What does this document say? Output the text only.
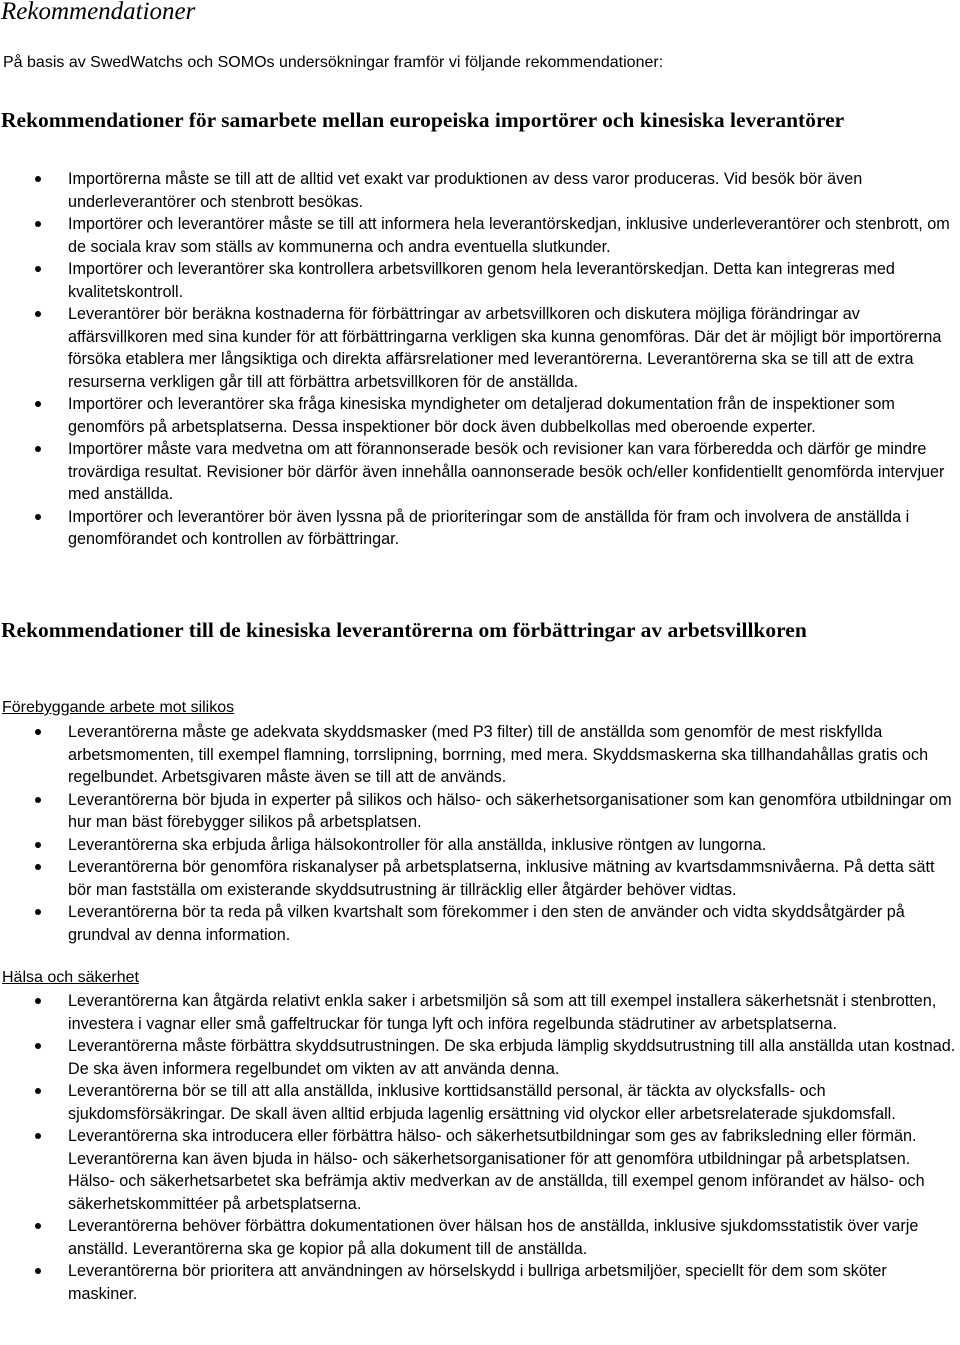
Rekommendationer

På basis av SwedWatchs och SOMOs undersökningar framför vi följande rekommendationer:

Rekommendationer för samarbete mellan europeiska importörer och kinesiska leverantörer
Importörerna måste se till att de alltid vet exakt var produktionen av dess varor produceras. Vid besök bör även underleverantörer och stenbrott besökas.
Importörer och leverantörer måste se till att informera hela leverantörskedjan, inklusive underleverantörer och stenbrott, om de sociala krav som ställs av kommunerna och andra eventuella slutkunder.
Importörer och leverantörer ska kontrollera arbetsvillkoren genom hela leverantörskedjan. Detta kan integreras med kvalitetskontroll.
Leverantörer bör beräkna kostnaderna för förbättringar av arbetsvillkoren och diskutera möjliga förändringar av affärsvillkoren med sina kunder för att förbättringarna verkligen ska kunna genomföras. Där det är möjligt bör importörerna försöka etablera mer långsiktiga och direkta affärsrelationer med leverantörerna. Leverantörerna ska se till att de extra resurserna verkligen går till att förbättra arbetsvillkoren för de anställda.
Importörer och leverantörer ska fråga kinesiska myndigheter om detaljerad dokumentation från de inspektioner som genomförs på arbetsplatserna. Dessa inspektioner bör dock även dubbelkollas med oberoende experter.
Importörer måste vara medvetna om att förannonserade besök och revisioner kan vara förberedda och därför ge mindre trovärdiga resultat. Revisioner bör därför även innehålla oannonserade besök och/eller konfidentiellt genomförda intervjuer med anställda.
Importörer och leverantörer bör även lyssna på de prioriteringar som de anställda för fram och involvera de anställda i genomförandet och kontrollen av förbättringar.
Rekommendationer till de kinesiska leverantörerna om förbättringar av arbetsvillkoren
Förebyggande arbete mot silikos
Leverantörerna måste ge adekvata skyddsmasker (med P3 filter) till de anställda som genomför de mest riskfyllda arbetsmomenten, till exempel flamning, torrslipning, borrning, med mera. Skyddsmaskerna ska tillhandahållas gratis och regelbundet. Arbetsgivaren måste även se till att de används.
Leverantörerna bör bjuda in experter på silikos och hälso- och säkerhetsorganisationer som kan genomföra utbildningar om hur man bäst förebygger silikos på arbetsplatsen.
Leverantörerna ska erbjuda årliga hälsokontroller för alla anställda, inklusive röntgen av lungorna.
Leverantörerna bör genomföra riskanalyser på arbetsplatserna, inklusive mätning av kvartsdammsnivåerna. På detta sätt bör man fastställa om existerande skyddsutrustning är tillräcklig eller åtgärder behöver vidtas.
Leverantörerna bör ta reda på vilken kvartshalt som förekommer i den sten de använder och vidta skyddsåtgärder på grundval av denna information.
Hälsa och säkerhet
Leverantörerna kan åtgärda relativt enkla saker i arbetsmiljön så som att till exempel installera säkerhetsnät i stenbrotten, investera i vagnar eller små gaffeltruckar för tunga lyft och införa regelbunda städrutiner av arbetsplatserna.
Leverantörerna måste förbättra skyddsutrustningen. De ska erbjuda lämplig skyddsutrustning till alla anställda utan kostnad. De ska även informera regelbundet om vikten av att använda denna.
Leverantörerna bör se till att alla anställda, inklusive korttidsanställd personal, är täckta av olycksfalls- och sjukdomsförsäkringar. De skall även alltid erbjuda lagenlig ersättning vid olyckor eller arbetsrelaterade sjukdomsfall.
Leverantörerna ska introducera eller förbättra hälso- och säkerhetsutbildningar som ges av fabriksledning eller förmän. Leverantörerna kan även bjuda in hälso- och säkerhetsorganisationer för att genomföra utbildningar på arbetsplatsen. Hälso- och säkerhetsarbetet ska befrämja aktiv medverkan av de anställda, till exempel genom införandet av hälso- och säkerhetskommittéer på arbetsplatserna.
Leverantörerna behöver förbättra dokumentationen över hälsan hos de anställda, inklusive sjukdomsstatistik över varje anställd. Leverantörerna ska ge kopior på alla dokument till de anställda.
Leverantörerna bör prioritera att användningen av hörselskydd i bullriga arbetsmiljöer, speciellt för dem som sköter maskiner.
